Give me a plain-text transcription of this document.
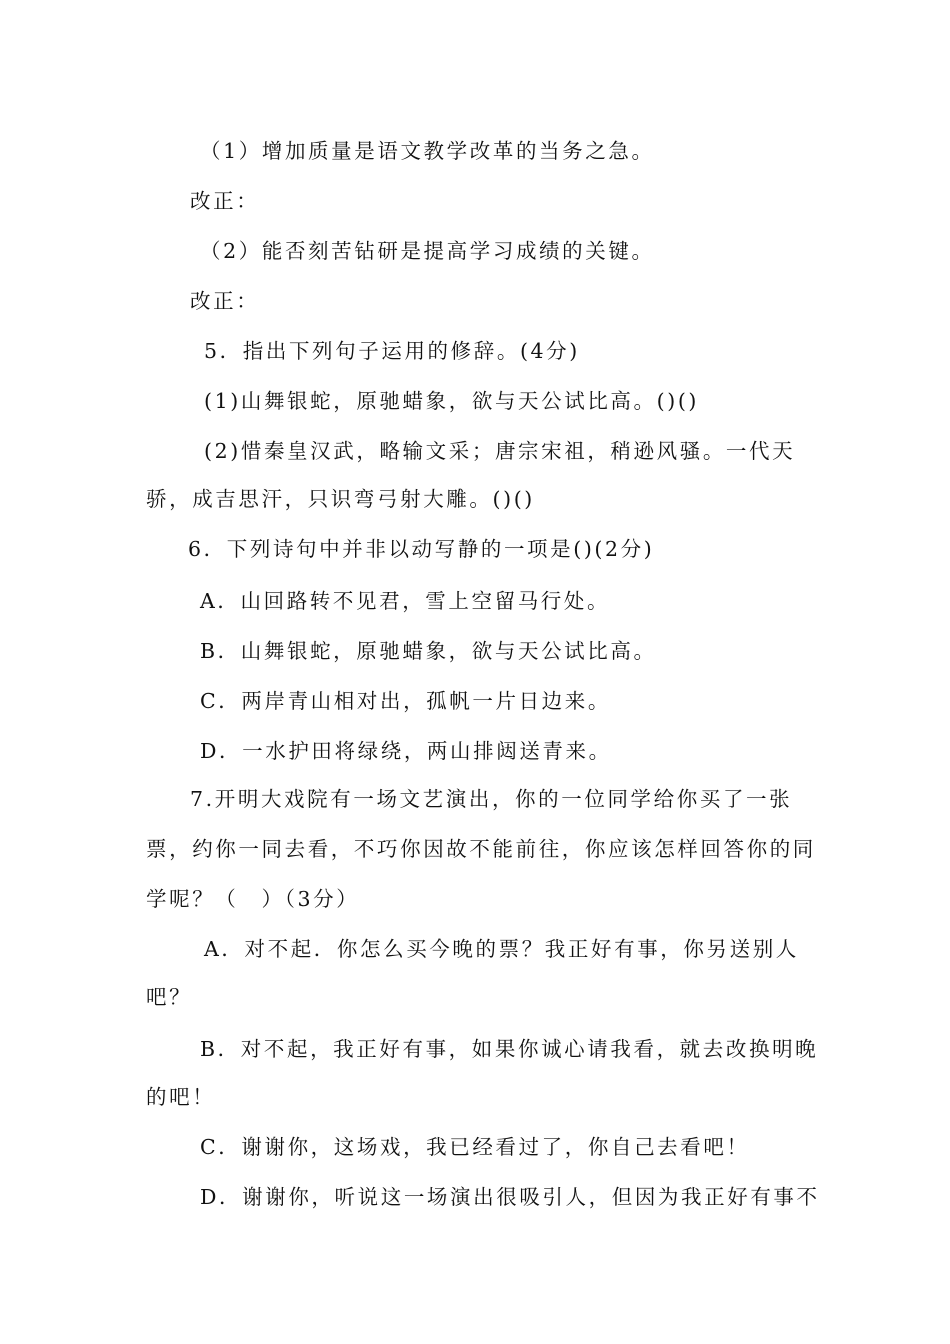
（1）增加质量是语文教学改革的当务之急。
改正：
（2）能否刻苦钻研是提高学习成绩的关键。
改正：
5．指出下列句子运用的修辞。(4分)
(1)山舞银蛇，原驰蜡象，欲与天公试比高。()()
(2)惜秦皇汉武，略输文采；唐宗宋祖，稍逊风骚。一代天
骄，成吉思汗，只识弯弓射大雕。()()
6．下列诗句中并非以动写静的一项是()(2分)
A．山回路转不见君，雪上空留马行处。
B．山舞银蛇，原驰蜡象，欲与天公试比高。
C．两岸青山相对出，孤帆一片日边来。
D．一水护田将绿绕，两山排闼送青来。
7.开明大戏院有一场文艺演出，你的一位同学给你买了一张
票，约你一同去看，不巧你因故不能前往，你应该怎样回答你的同
学呢？（　）（3分）
A．对不起．你怎么买今晚的票？我正好有事，你另送别人
吧？
B．对不起，我正好有事，如果你诚心请我看，就去改换明晚
的吧！
C．谢谢你，这场戏，我已经看过了，你自己去看吧！
D．谢谢你，听说这一场演出很吸引人，但因为我正好有事不
